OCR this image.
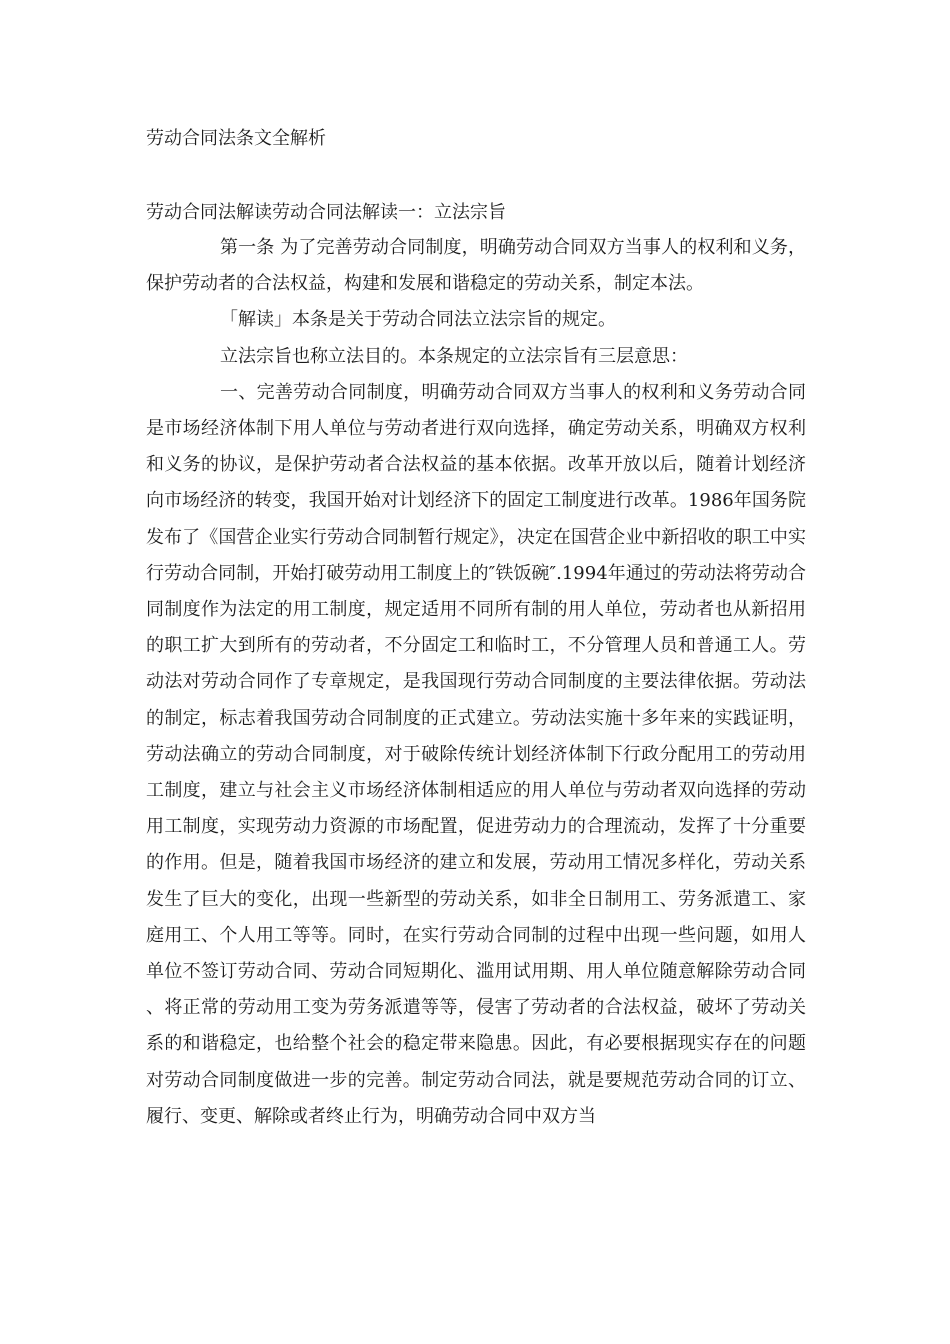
劳动合同法条文全解析
劳动合同法解读劳动合同法解读一：立法宗旨

第一条 为了完善劳动合同制度，明确劳动合同双方当事人的权利和义务，保护劳动者的合法权益，构建和发展和谐稳定的劳动关系，制定本法。

「解读」本条是关于劳动合同法立法宗旨的规定。

立法宗旨也称立法目的。本条规定的立法宗旨有三层意思：

一、完善劳动合同制度，明确劳动合同双方当事人的权利和义务劳动合同是市场经济体制下用人单位与劳动者进行双向选择，确定劳动关系，明确双方权利和义务的协议，是保护劳动者合法权益的基本依据。改革开放以后，随着计划经济向市场经济的转变，我国开始对计划经济下的固定工制度进行改革。1986年国务院发布了《国营企业实行劳动合同制暂行规定》，决定在国营企业中新招收的职工中实行劳动合同制，开始打破劳动用工制度上的″铁饭碗″.1994年通过的劳动法将劳动合同制度作为法定的用工制度，规定适用不同所有制的用人单位，劳动者也从新招用的职工扩大到所有的劳动者，不分固定工和临时工，不分管理人员和普通工人。劳动法对劳动合同作了专章规定，是我国现行劳动合同制度的主要法律依据。劳动法的制定，标志着我国劳动合同制度的正式建立。劳动法实施十多年来的实践证明，劳动法确立的劳动合同制度，对于破除传统计划经济体制下行政分配用工的劳动用工制度，建立与社会主义市场经济体制相适应的用人单位与劳动者双向选择的劳动用工制度，实现劳动力资源的市场配置，促进劳动力的合理流动，发挥了十分重要的作用。但是，随着我国市场经济的建立和发展，劳动用工情况多样化，劳动关系发生了巨大的变化，出现一些新型的劳动关系，如非全日制用工、劳务派遣工、家庭用工、个人用工等等。同时，在实行劳动合同制的过程中出现一些问题，如用人单位不签订劳动合同、劳动合同短期化、滥用试用期、用人单位随意解除劳动合同、将正常的劳动用工变为劳务派遣等等，侵害了劳动者的合法权益，破坏了劳动关系的和谐稳定，也给整个社会的稳定带来隐患。因此，有必要根据现实存在的问题对劳动合同制度做进一步的完善。制定劳动合同法，就是要规范劳动合同的订立、履行、变更、解除或者终止行为，明确劳动合同中双方当
